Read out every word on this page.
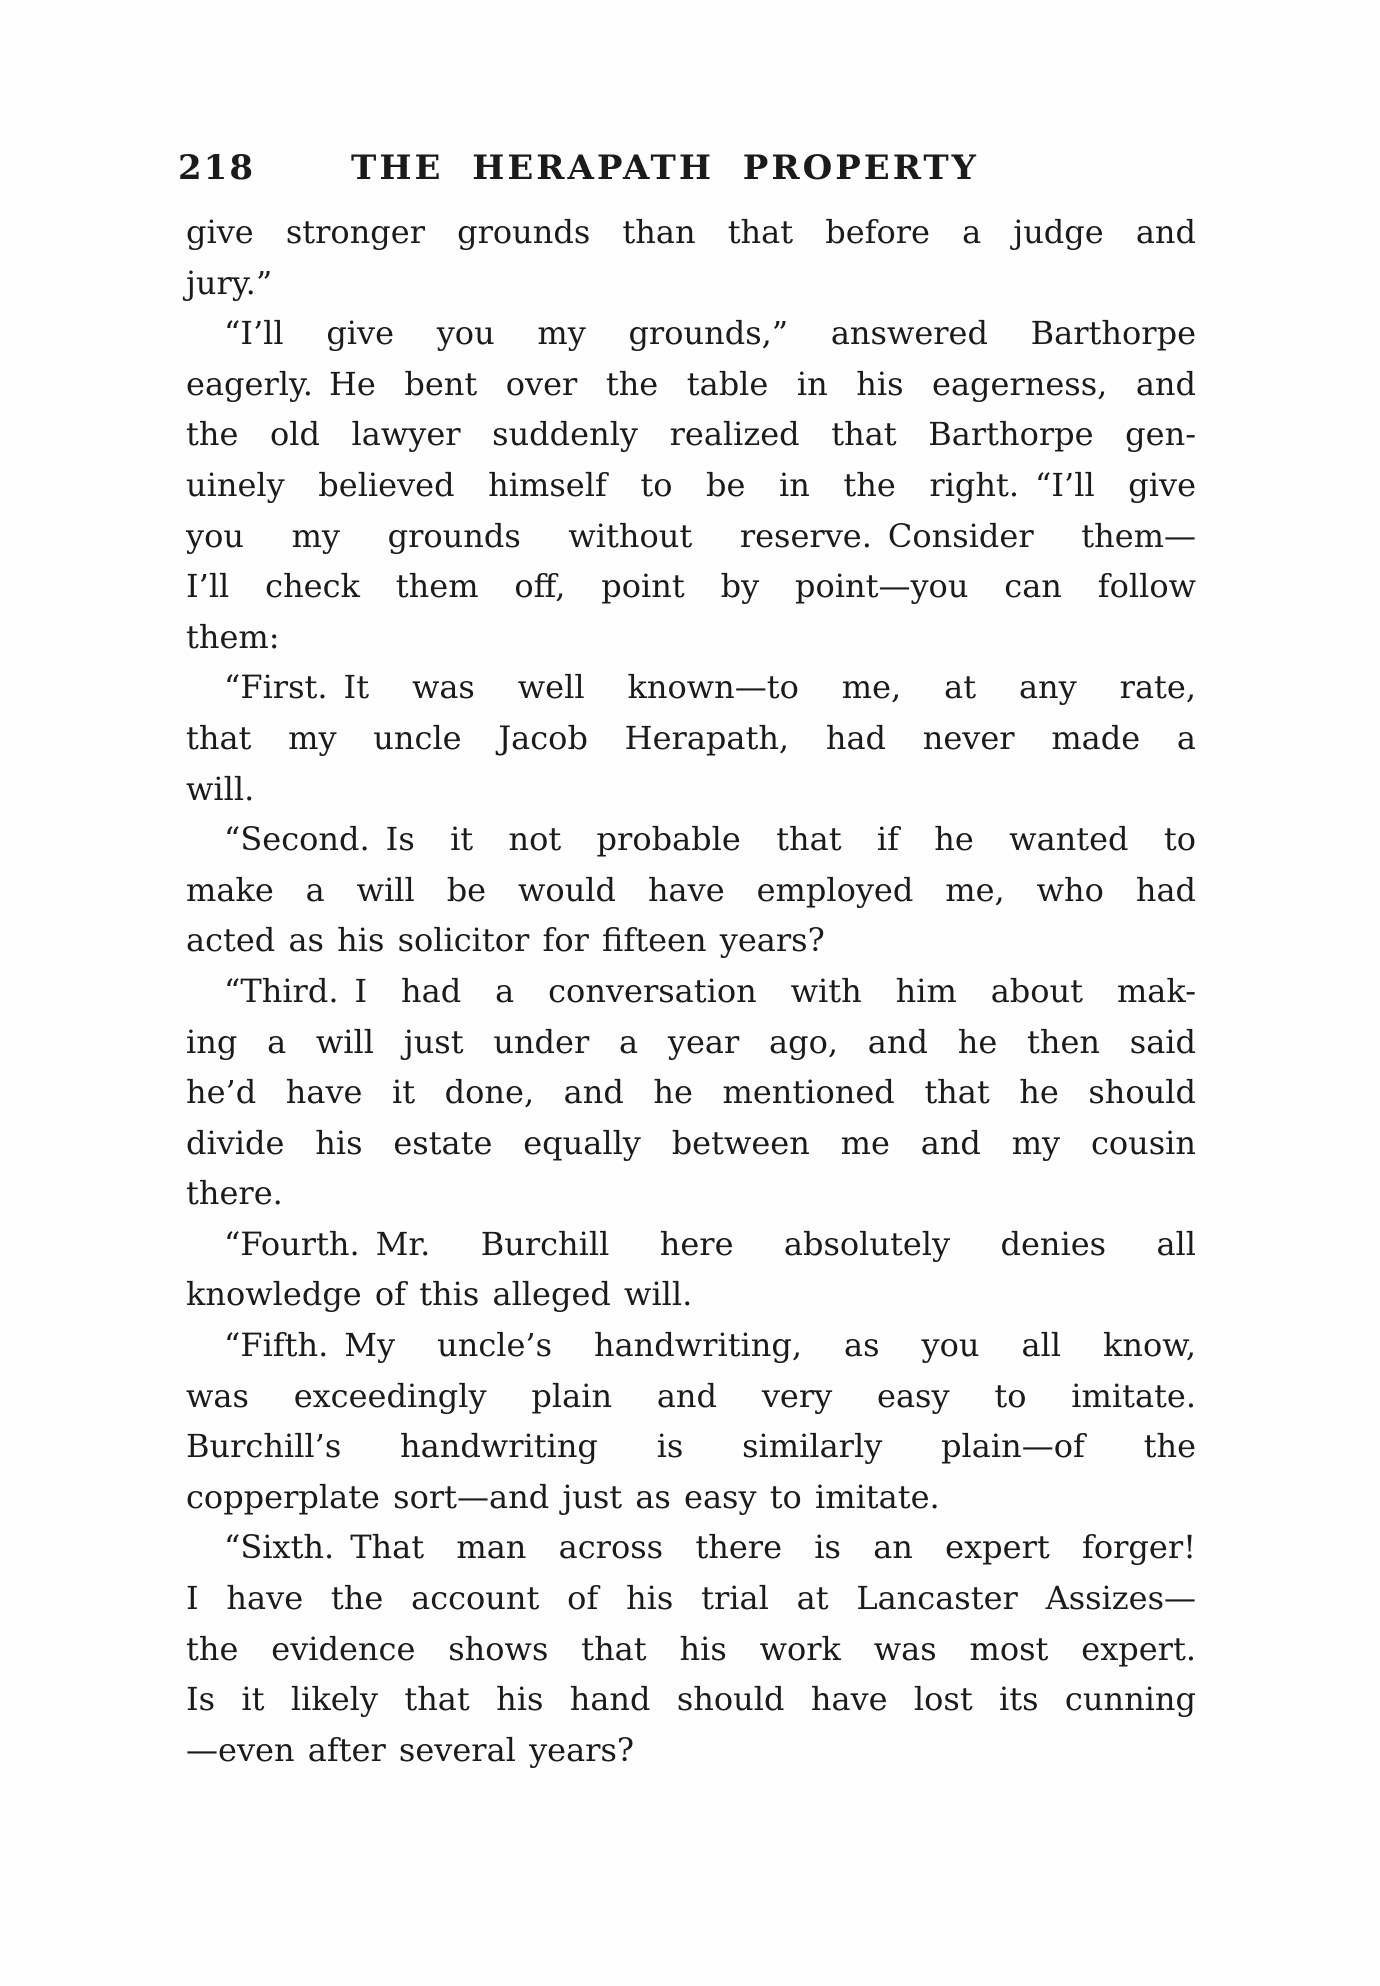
218	THE HERAPATH PROPERTY
give stronger grounds than that before a judge and
jury.”
“I’ll give you my grounds,” answered Barthorpe
eagerly. He bent over the table in his eagerness, and
the old lawyer suddenly realized that Barthorpe gen-
uinely believed himself to be in the right. “I’ll give
you my grounds without reserve. Consider them—
I’ll check them off, point by point—you can follow
them:
“First. It was well known—to me, at any rate,
that my uncle Jacob Herapath, had never made a
will.
“Second. Is it not probable that if he wanted to
make a will be would have employed me, who had
acted as his solicitor for fifteen years?
“Third. I had a conversation with him about mak-
ing a will just under a year ago, and he then said
he’d have it done, and he mentioned that he should
divide his estate equally between me and my cousin
there.
“Fourth. Mr. Burchill here absolutely denies all
knowledge of this alleged will.
“Fifth. My uncle’s handwriting, as you all know,
was exceedingly plain and very easy to imitate.
Burchill’s handwriting is similarly plain—of the
copperplate sort—and just as easy to imitate.
“Sixth. That man across there is an expert forger!
I have the account of his trial at Lancaster Assizes—
the evidence shows that his work was most expert.
Is it likely that his hand should have lost its cunning
—even after several years?
